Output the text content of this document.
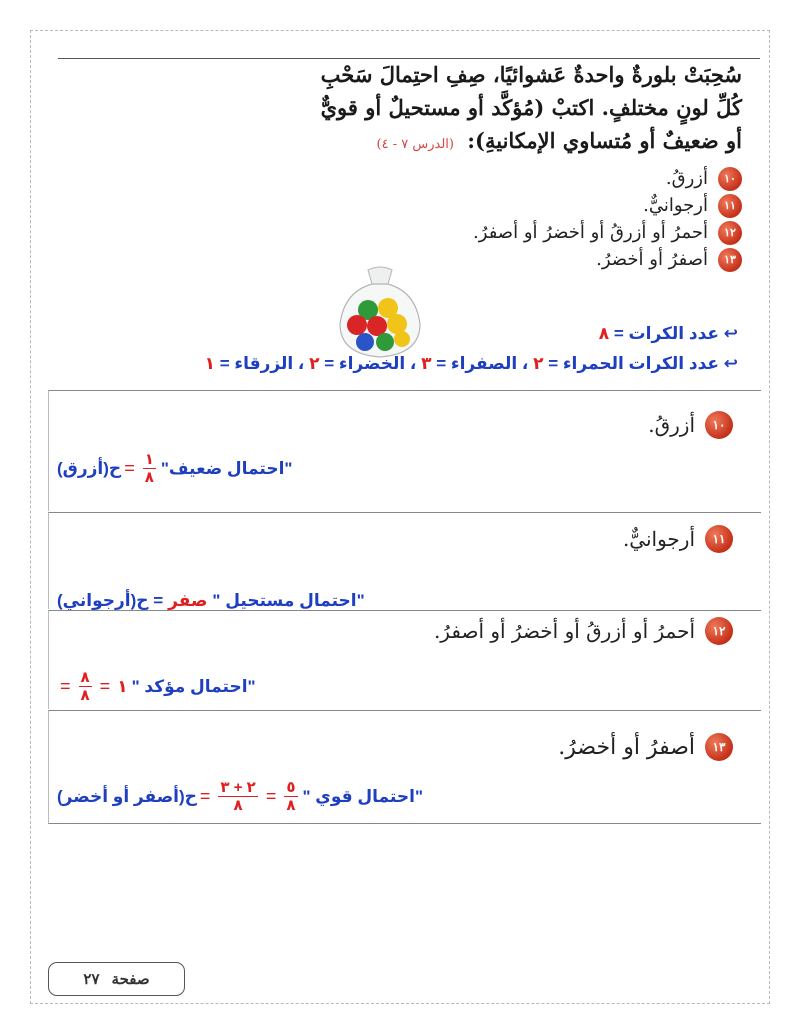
سُحِبَتْ بلورةٌ واحدةٌ عَشوائيًا، صِفِ احتِمالَ سَحْبِ
كُلِّ لونٍ مختلفٍ. اكتبْ (مُؤكَّد أو مستحيلٌ أو قويٌّ
أو ضعيفٌ أو مُتساوي الإمكانيةِ): (الدرس ٧ - ٤)
١٠
أزرقُ.
١١
أرجوانيٌّ.
١٢
أحمرُ أو أزرقُ أو أخضرُ أو أصفرُ.
١٣
أصفرُ أو أخضرُ.
↩ عدد الكرات = ٨
↩ عدد الكرات الحمراء = ٢ ، الصفراء = ٣ ، الخضراء = ٢ ، الزرقاء = ١
١٠
أزرقُ.
ح(أزرق) = $\frac{١}{٨}$ "احتمال ضعيف"
١١
أرجوانيٌّ.
ح(أرجواني) = صفر " احتمال مستحيل"
١٢
أحمرُ أو أزرقُ أو أخضرُ أو أصفرُ.
= $\frac{٨}{٨}$ = ١ " احتمال مؤكد"
١٣
أصفرُ أو أخضرُ.
ح(أصفر أو أخضر) = $\frac{٢ + ٣}{٨} = \frac{٥}{٨}$ " احتمال قوي"
صفحة
٢٧
